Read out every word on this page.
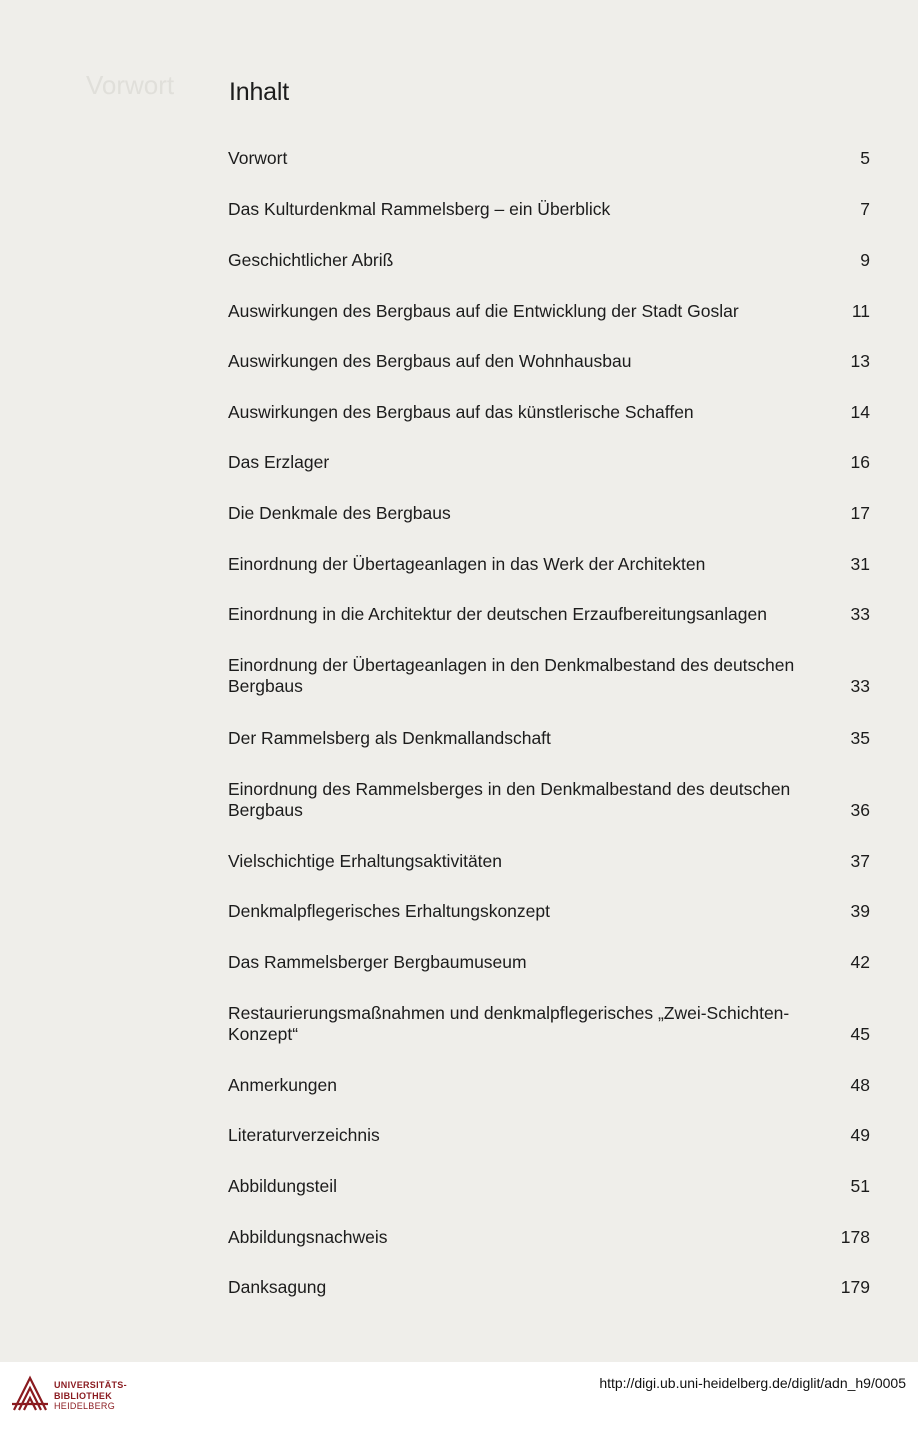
Vorwort Inhalt
Vorwort	5
Das Kulturdenkmal Rammelsberg – ein Überblick	7
Geschichtlicher Abriß	9
Auswirkungen des Bergbaus auf die Entwicklung der Stadt Goslar	11
Auswirkungen des Bergbaus auf den Wohnhausbau	13
Auswirkungen des Bergbaus auf das künstlerische Schaffen	14
Das Erzlager	16
Die Denkmale des Bergbaus	17
Einordnung der Übertageanlagen in das Werk der Architekten	31
Einordnung in die Architektur der deutschen Erzaufbereitungsanlagen	33
Einordnung der Übertageanlagen in den Denkmalbestand des deutschen Bergbaus	33
Der Rammelsberg als Denkmallandschaft	35
Einordnung des Rammelsberges in den Denkmalbestand des deutschen Bergbaus	36
Vielschichtige Erhaltungsaktivitäten	37
Denkmalpflegerisches Erhaltungskonzept	39
Das Rammelsberger Bergbaumuseum	42
Restaurierungsmaßnahmen und denkmalpflegerisches „Zwei-Schichten-Konzept“	45
Anmerkungen	48
Literaturverzeichnis	49
Abbildungsteil	51
Abbildungsnachweis	178
Danksagung	179
UNIVERSITÄTS-
BIBLIOTHEK
HEIDELBERG
http://digi.ub.uni-heidelberg.de/diglit/adn_h9/0005
